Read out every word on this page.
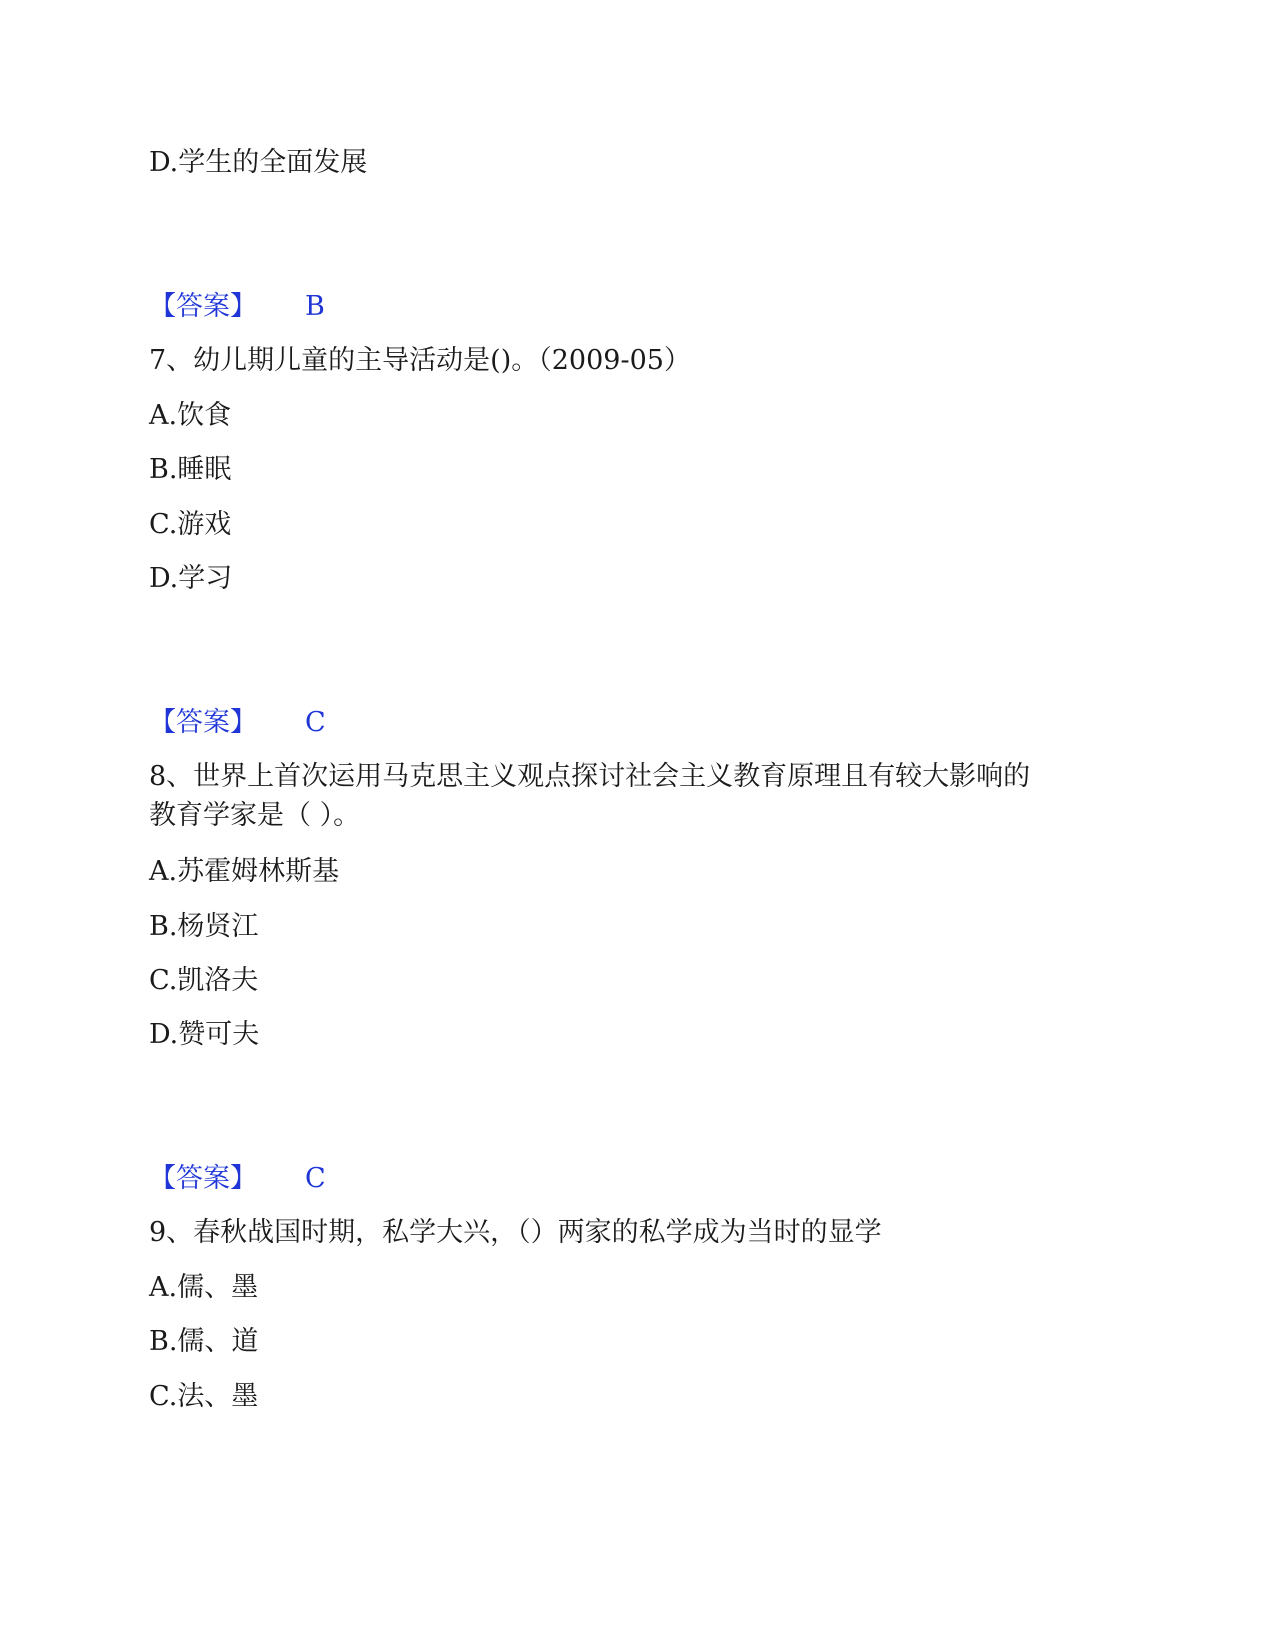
D.学生的全面发展
【答案】 B
7、幼儿期儿童的主导活动是()。（2009-05）
A.饮食
B.睡眠
C.游戏
D.学习
【答案】 C
8、世界上首次运用马克思主义观点探讨社会主义教育原理且有较大影响的
教育学家是（ ）。
A.苏霍姆林斯基
B.杨贤江
C.凯洛夫
D.赞可夫
【答案】 C
9、春秋战国时期，私学大兴，（）两家的私学成为当时的显学
A.儒、墨
B.儒、道
C.法、墨
